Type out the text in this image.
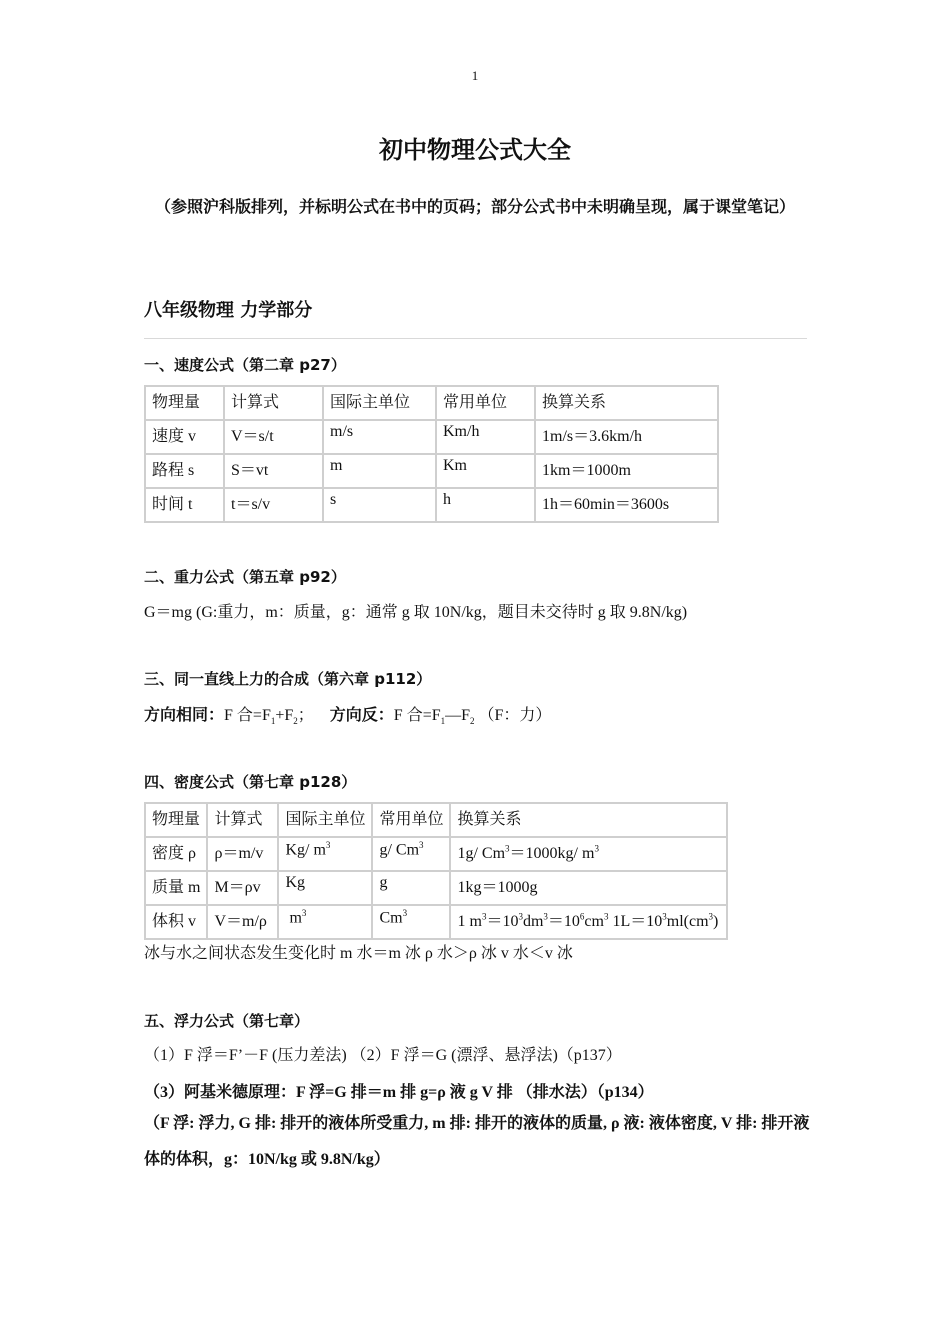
1
初中物理公式大全
（参照沪科版排列，并标明公式在书中的页码；部分公式书中未明确呈现，属于课堂笔记）
八年级物理 力学部分
一、速度公式（第二章 p27）
物理量	计算式	国际主单位	常用单位	换算关系
速度 v	V＝s/t	m/s	Km/h	1m/s＝3.6km/h
路程 s	S＝vt	m	Km	1km＝1000m
时间 t	t＝s/v	s	h	1h＝60min＝3600s
二、重力公式（第五章 p92）
G＝mg (G:重力，m：质量，g：通常 g 取 10N/kg，题目未交待时 g 取 9.8N/kg)
三、同一直线上力的合成（第六章 p112）
方向相同：F 合$=F_1+F_2$； 方向反：F 合$=F_1—F_2$ （F：力）
四、密度公式（第七章 p128）
物理量	计算式	国际主单位	常用单位	换算关系
密度 ρ	ρ＝m/v	Kg/ $m^3$	g/ Cm$^3$	1g/ $Cm^3=1000kg/$ $m^3$
质量 m	M＝ρv	Kg	g	1kg＝1000g
体积 v	V＝m/ρ	$m^3$	Cm$^3$	1 $m^3=10^3dm^3=10^6cm^3$ $1L=10^3ml(cm^3)$
冰与水之间状态发生变化时 m 水＝m 冰 ρ 水＞ρ 冰 v 水＜v 冰
五、浮力公式（第七章）
（1）F 浮＝F’－F (压力差法) （2）F 浮＝G (漂浮、悬浮法)（p137）
（3）阿基米德原理：F 浮=G 排＝m 排 g=ρ 液 g V 排 （排水法）（p134）
（F 浮: 浮力, G 排: 排开的液体所受重力, m 排: 排开的液体的质量, ρ 液: 液体密度, V 排: 排开液体的体积，g：10N/kg 或 9.8N/kg）
